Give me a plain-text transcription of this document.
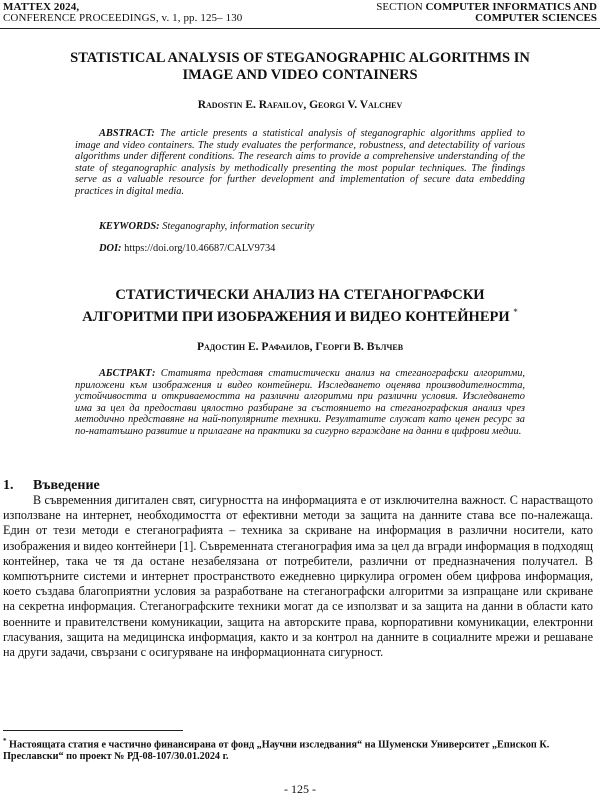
MATTEX 2024,
CONFERENCE PROCEEDINGS, v. 1, pp. 125– 130
SECTION COMPUTER INFORMATICS AND
COMPUTER SCIENCES
STATISTICAL ANALYSIS OF STEGANOGRAPHIC ALGORITHMS IN
IMAGE AND VIDEO CONTAINERS
Radostin E. Rafailov, Georgi V. Valchev
ABSTRACT: The article presents a statistical analysis of steganographic algorithms applied to image and video containers. The study evaluates the performance, robustness, and detectability of various algorithms under different conditions. The research aims to provide a comprehensive understanding of the state of steganographic analysis by methodically presenting the most popular techniques. The findings serve as a valuable resource for further development and implementation of secure data embedding practices in digital media.
KEYWORDS: Steganography, information security
DOI: https://doi.org/10.46687/CALV9734
СТАТИСТИЧЕСКИ АНАЛИЗ НА СТЕГАНОГРАФСКИ
АЛГОРИТМИ ПРИ ИЗОБРАЖЕНИЯ И ВИДЕО КОНТЕЙНЕРИ *
Радостин Е. Рафаилов, Георги В. Вълчев
АБСТРАКТ: Статията представя статистически анализ на стеганографски алгоритми, приложени към изображения и видео контейнери. Изследването оценява производителността, устойчивостта и откриваемостта на различни алгоритми при различни условия. Изследването има за цел да предостави цялостно разбиране за състоянието на стеганографския анализ чрез методично представяне на най-популярните техники. Резултатите служат като ценен ресурс за по-нататъшно развитие и прилагане на практики за сигурно вграждане на данни в цифрови медии.
1. Въведение
В съвременния дигитален свят, сигурността на информацията е от изключителна важност. С нарастващото използване на интернет, необходимостта от ефективни методи за защита на данните става все по-належаща. Един от тези методи е стеганографията – техника за скриване на информация в различни носители, като изображения и видео контейнери [1]. Съвременната стеганография има за цел да вгради информация в подходящ контейнер, така че тя да остане незабелязана от потребители, различни от предназначения получател. В компютърните системи и интернет пространството ежедневно циркулира огромен обем цифрова информация, което създава благоприятни условия за разработване на стеганографски алгоритми за изпращане или скриване на секретна информация. Стеганографските техники могат да се използват и за защита на данни в области като военните и правителствени комуникации, защита на авторските права, корпоративни комуникации, електронни гласувания, защита на медицинска информация, както и за контрол на данните в социалните мрежи и решаване на други задачи, свързани с осигуряване на информационната сигурност.
* Настоящата статия е частично финансирана от фонд „Научни изследвания“ на Шуменски Университет „Епископ К. Преславски“ по проект № РД-08-107/30.01.2024 г.
- 125 -
